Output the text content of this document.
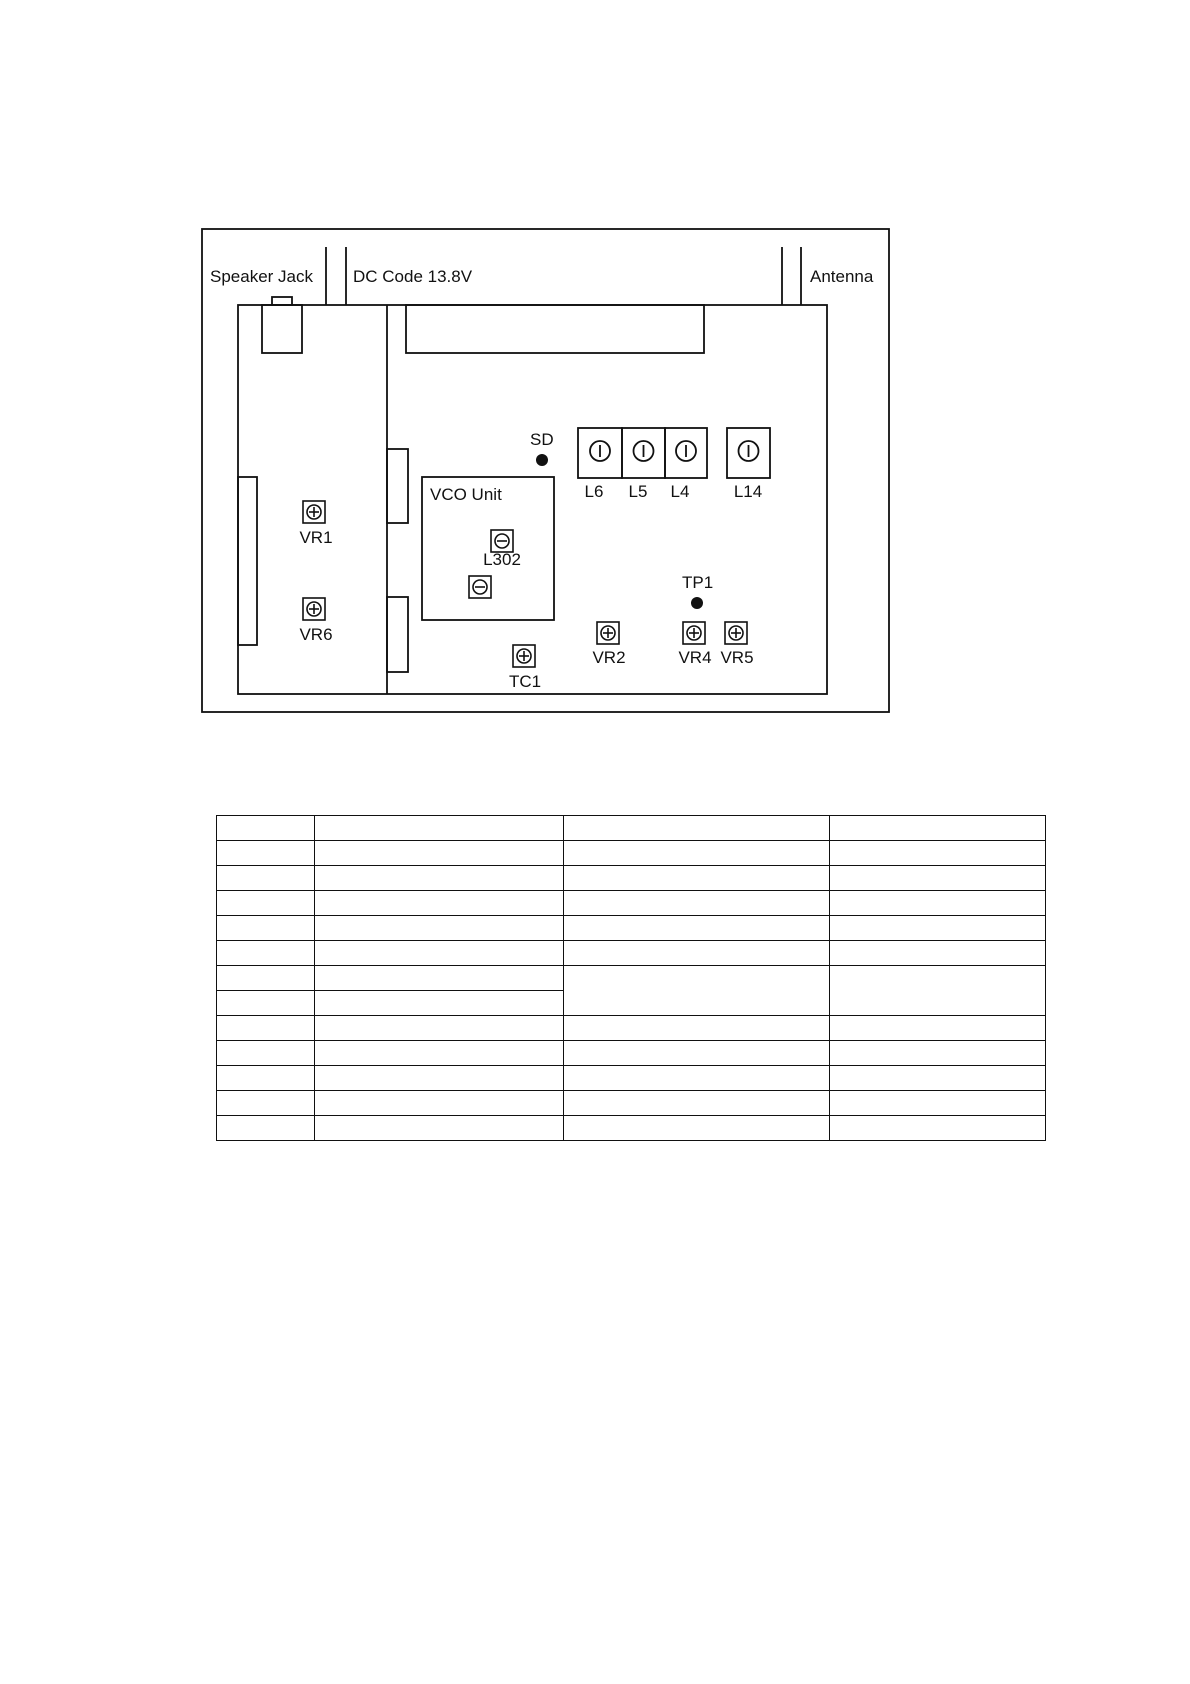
Speaker Jack DC Code 13.8V	Antenna
VCO Unit
SD
TP1
L6 L5 L4	L14
VR1
VR6
L302
TC1
VR2	VR4 VR5
